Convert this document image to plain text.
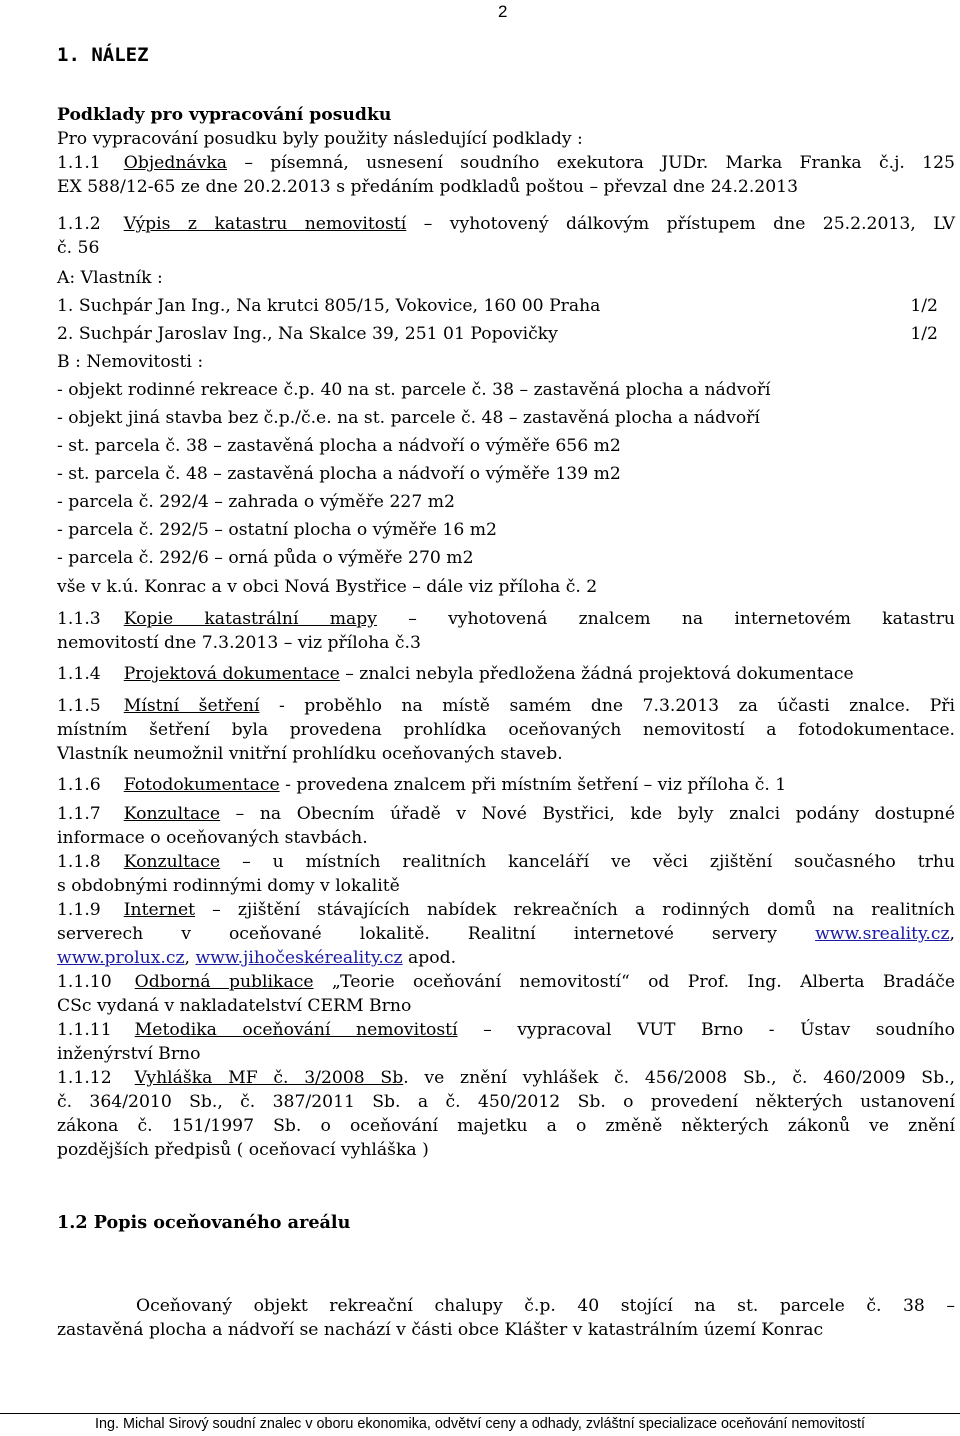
2
1. NÁLEZ
Podklady pro vypracování posudku
Pro vypracování posudku byly použity následující podklady :
1.1.1 Objednávka – písemná, usnesení soudního exekutora JUDr. Marka Franka č.j. 125
EX 588/12-65 ze dne 20.2.2013 s předáním podkladů poštou – převzal dne 24.2.2013
1.1.2 Výpis z katastru nemovitostí – vyhotovený dálkovým přístupem dne 25.2.2013, LV
č. 56
A: Vlastník :
1. Suchpár Jan Ing., Na krutci 805/15, Vokovice, 160 00 Praha	1/2
2. Suchpár Jaroslav Ing., Na Skalce 39, 251 01 Popovičky	1/2
B : Nemovitosti :
- objekt rodinné rekreace č.p. 40 na st. parcele č. 38 – zastavěná plocha a nádvoří
- objekt jiná stavba bez č.p./č.e. na st. parcele č. 48 – zastavěná plocha a nádvoří
- st. parcela č. 38 – zastavěná plocha a nádvoří o výměře 656 m2
- st. parcela č. 48 – zastavěná plocha a nádvoří o výměře 139 m2
- parcela č. 292/4 – zahrada o výměře 227 m2
- parcela č. 292/5 – ostatní plocha o výměře 16 m2
- parcela č. 292/6 – orná půda o výměře 270 m2
vše v k.ú. Konrac a v obci Nová Bystřice – dále viz příloha č. 2
1.1.3 Kopie katastrální mapy – vyhotovená znalcem na internetovém katastru
nemovitostí dne 7.3.2013 – viz příloha č.3
1.1.4 Projektová dokumentace – znalci nebyla předložena žádná projektová dokumentace
1.1.5 Místní šetření - proběhlo na místě samém dne 7.3.2013 za účasti znalce. Při
místním šetření byla provedena prohlídka oceňovaných nemovitostí a fotodokumentace.
Vlastník neumožnil vnitřní prohlídku oceňovaných staveb.
1.1.6 Fotodokumentace - provedena znalcem při místním šetření – viz příloha č. 1
1.1.7 Konzultace – na Obecním úřadě v Nové Bystřici, kde byly znalci podány dostupné
informace o oceňovaných stavbách.
1.1.8 Konzultace – u místních realitních kanceláří ve věci zjištění současného trhu
s obdobnými rodinnými domy v lokalitě
1.1.9 Internet – zjištění stávajících nabídek rekreačních a rodinných domů na realitních
serverech v oceňované lokalitě. Realitní internetové servery www.sreality.cz,
www.prolux.cz, www.jihočeskéreality.cz apod.
1.1.10 Odborná publikace „Teorie oceňování nemovitostí“ od Prof. Ing. Alberta Bradáče
CSc vydaná v nakladatelství CERM Brno
1.1.11 Metodika oceňování nemovitostí – vypracoval VUT Brno - Ústav soudního
inženýrství Brno
1.1.12 Vyhláška MF č. 3/2008 Sb. ve znění vyhlášek č. 456/2008 Sb., č. 460/2009 Sb.,
č. 364/2010 Sb., č. 387/2011 Sb. a č. 450/2012 Sb. o provedení některých ustanovení
zákona č. 151/1997 Sb. o oceňování majetku a o změně některých zákonů ve znění
pozdějších předpisů ( oceňovací vyhláška )
1.2 Popis oceňovaného areálu
Oceňovaný objekt rekreační chalupy č.p. 40 stojící na st. parcele č. 38 –
zastavěná plocha a nádvoří se nachází v části obce Klášter v katastrálním území Konrac
Ing. Michal Sirový soudní znalec v oboru ekonomika, odvětví ceny a odhady, zvláštní specializace oceňování nemovitostí
